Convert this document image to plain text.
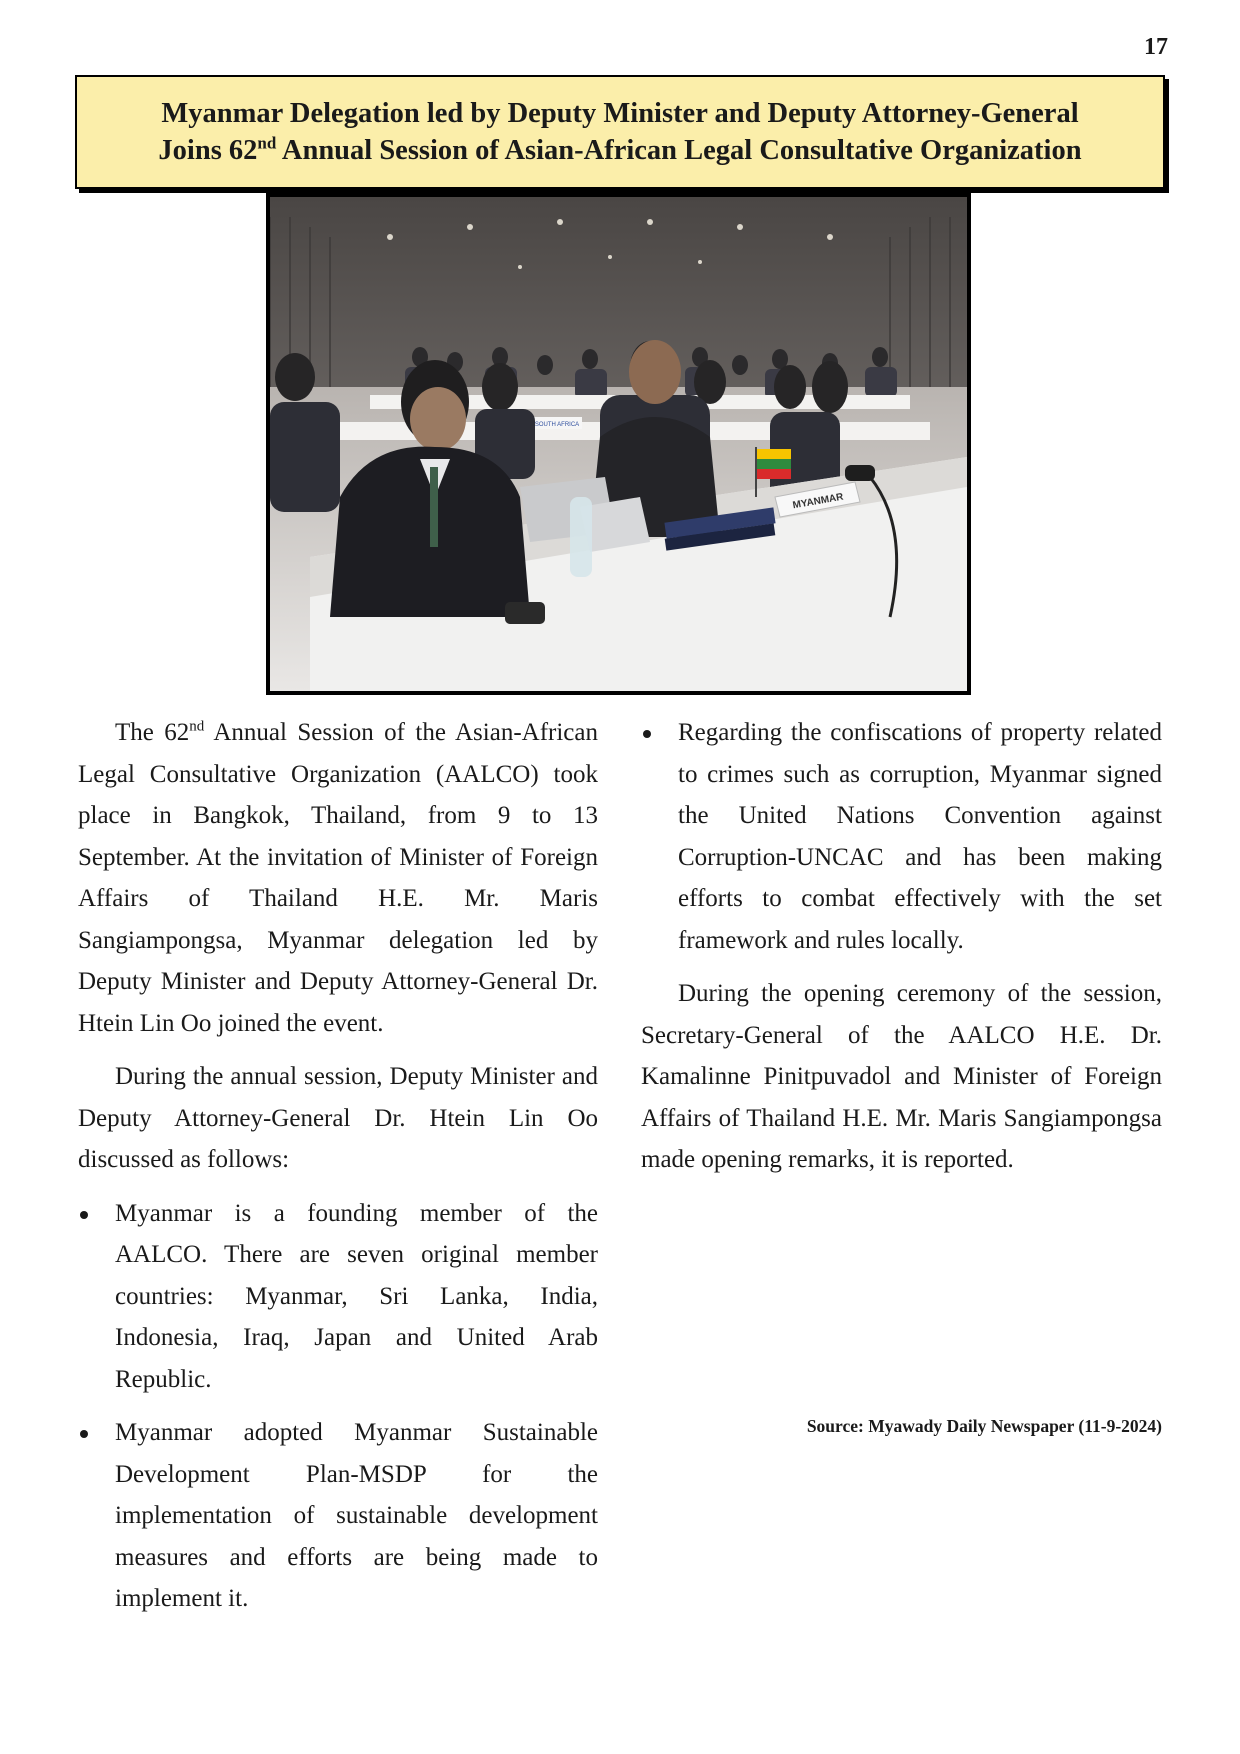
17
Myanmar Delegation led by Deputy Minister and Deputy Attorney-General
Joins 62nd Annual Session of Asian-African Legal Consultative Organization
SOUTH AFRICA
MYANMAR

The 62nd Annual Session of the Asian-African Legal Consultative Organization (AALCO) took place in Bangkok, Thailand, from 9 to 13 September. At the invitation of Minister of Foreign Affairs of Thailand H.E. Mr. Maris Sangiampongsa, Myanmar delegation led by Deputy Minister and Deputy Attorney-General Dr. Htein Lin Oo joined the event.

During the annual session, Deputy Minister and Deputy Attorney-General Dr. Htein Lin Oo discussed as follows:

Myanmar is a founding member of the AALCO. There are seven original member countries: Myanmar, Sri Lanka, India, Indonesia, Iraq, Japan and United Arab Republic.
Myanmar adopted Myanmar Sustainable Development Plan-MSDP for the implementation of sustainable development measures and efforts are being made to implement it.
Regarding the confiscations of property related to crimes such as corruption, Myanmar signed the United Nations Convention against Corruption-UNCAC and has been making efforts to combat effectively with the set framework and rules locally.

During the opening ceremony of the session, Secretary-General of the AALCO H.E. Dr. Kamalinne Pinitpuvadol and Minister of Foreign Affairs of Thailand H.E. Mr. Maris Sangiampongsa made opening remarks, it is reported.

Source: Myawady Daily Newspaper (11-9-2024)
